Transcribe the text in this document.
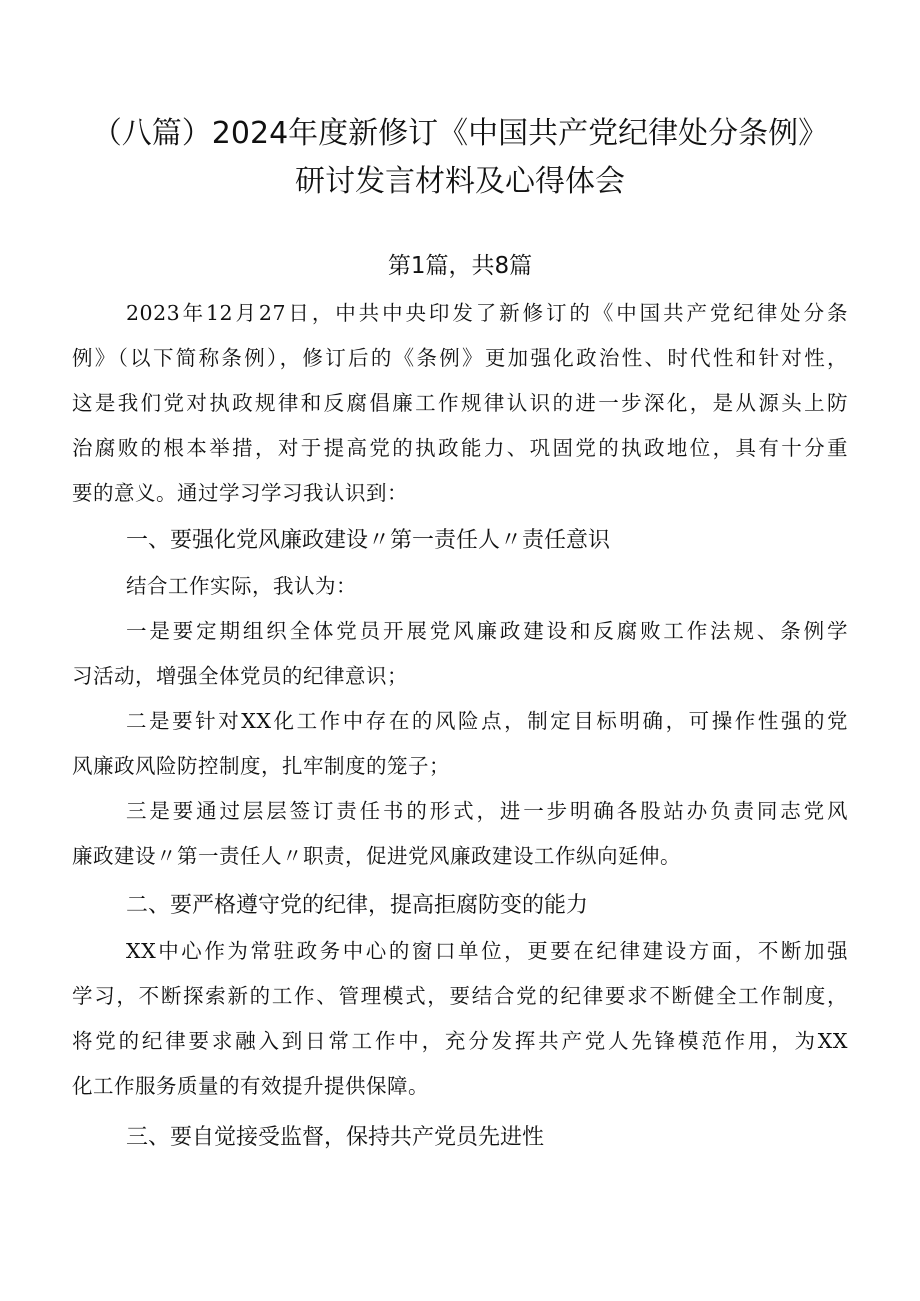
（八篇）2024年度新修订《中国共产党纪律处分条例》
研讨发言材料及心得体会
第1篇，共8篇
2023年12月27日，中共中央印发了新修订的《中国共产党纪律处分条
例》（以下简称条例），修订后的《条例》更加强化政治性、时代性和针对性，
这是我们党对执政规律和反腐倡廉工作规律认识的进一步深化，是从源头上防
治腐败的根本举措，对于提高党的执政能力、巩固党的执政地位，具有十分重
要的意义。通过学习学习我认识到：
一、要强化党风廉政建设〃第一责任人〃责任意识
结合工作实际，我认为：
一是要定期组织全体党员开展党风廉政建设和反腐败工作法规、条例学
习活动，增强全体党员的纪律意识；
二是要针对XX化工作中存在的风险点，制定目标明确，可操作性强的党
风廉政风险防控制度，扎牢制度的笼子；
三是要通过层层签订责任书的形式，进一步明确各股站办负责同志党风
廉政建设〃第一责任人〃职责，促进党风廉政建设工作纵向延伸。
二、要严格遵守党的纪律，提高拒腐防变的能力
XX中心作为常驻政务中心的窗口单位，更要在纪律建设方面，不断加强
学习，不断探索新的工作、管理模式，要结合党的纪律要求不断健全工作制度，
将党的纪律要求融入到日常工作中，充分发挥共产党人先锋模范作用，为XX
化工作服务质量的有效提升提供保障。
三、要自觉接受监督，保持共产党员先进性
